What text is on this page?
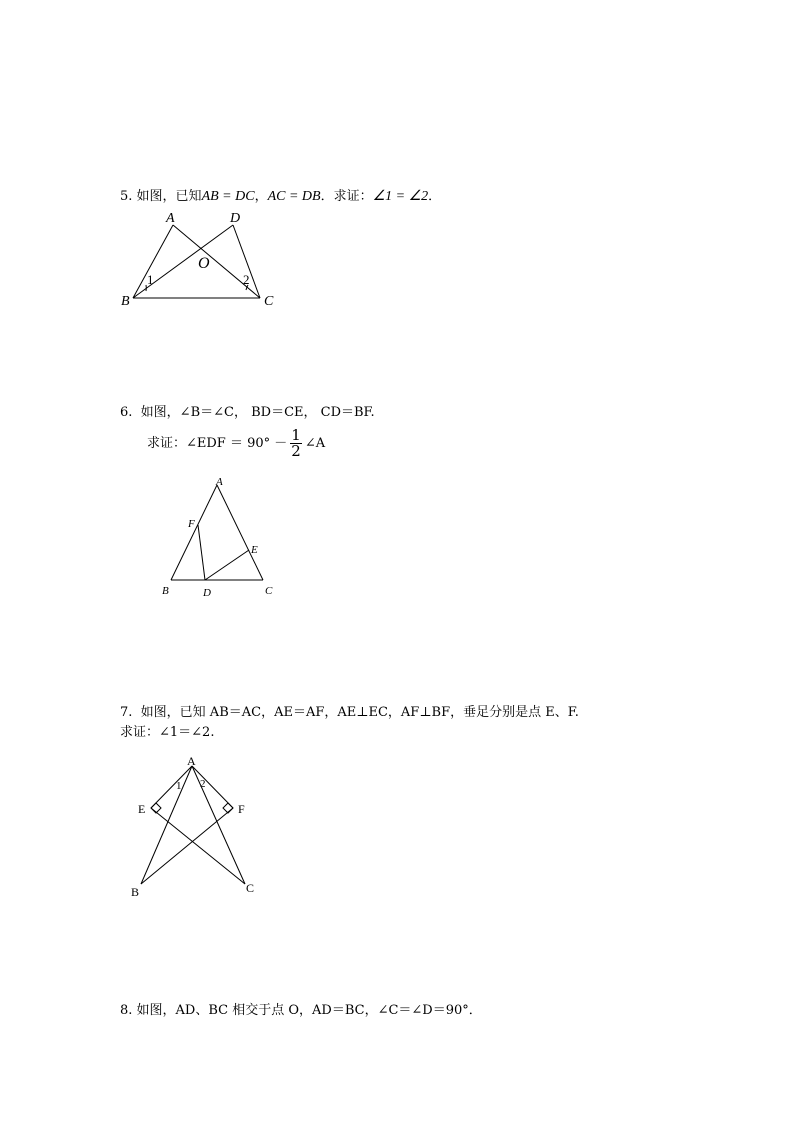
5. 如图，已知AB = DC，AC = DB．求证：∠1 = ∠2．
A	D
O
B	C
1	2
6. 如图，∠B＝∠C， BD＝CE， CD＝BF.
求证：∠EDF ＝ $90^\circ - \frac{1}{2}$ ∠A
A
F
E
B	D	C
7. 如图，已知 AB＝AC，AE＝AF，AE⊥EC，AF⊥BF，垂足分别是点 E、F.
求证：∠1＝∠2.
A
E	F
B	C
1 2
8. 如图，AD、BC 相交于点 O，AD＝BC，∠C＝∠D＝90°．
